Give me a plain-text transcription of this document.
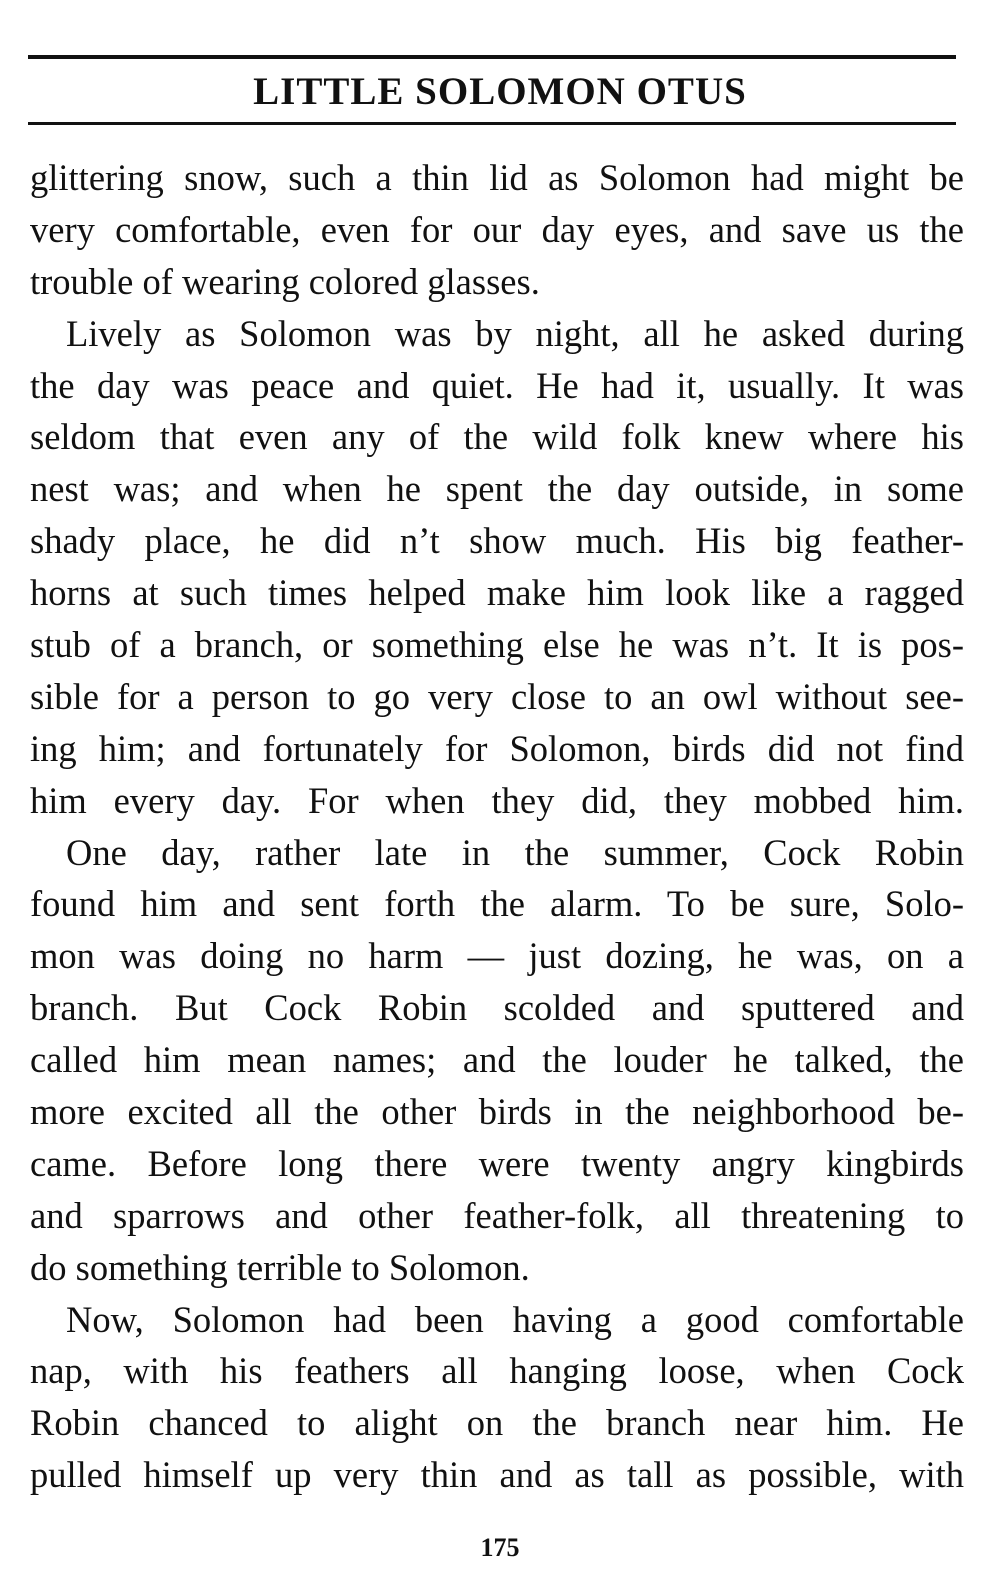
LITTLE SOLOMON OTUS
glittering snow, such a thin lid as Solomon had might be
very comfortable, even for our day eyes, and save us the
trouble of wearing colored glasses.
Lively as Solomon was by night, all he asked during
the day was peace and quiet. He had it, usually. It was
seldom that even any of the wild folk knew where his
nest was; and when he spent the day outside, in some
shady place, he did n’t show much. His big feather-
horns at such times helped make him look like a ragged
stub of a branch, or something else he was n’t. It is pos-
sible for a person to go very close to an owl without see-
ing him; and fortunately for Solomon, birds did not find
him every day. For when they did, they mobbed him.
One day, rather late in the summer, Cock Robin
found him and sent forth the alarm. To be sure, Solo-
mon was doing no harm — just dozing, he was, on a
branch. But Cock Robin scolded and sputtered and
called him mean names; and the louder he talked, the
more excited all the other birds in the neighborhood be-
came. Before long there were twenty angry kingbirds
and sparrows and other feather-folk, all threatening to
do something terrible to Solomon.
Now, Solomon had been having a good comfortable
nap, with his feathers all hanging loose, when Cock
Robin chanced to alight on the branch near him. He
pulled himself up very thin and as tall as possible, with
175
